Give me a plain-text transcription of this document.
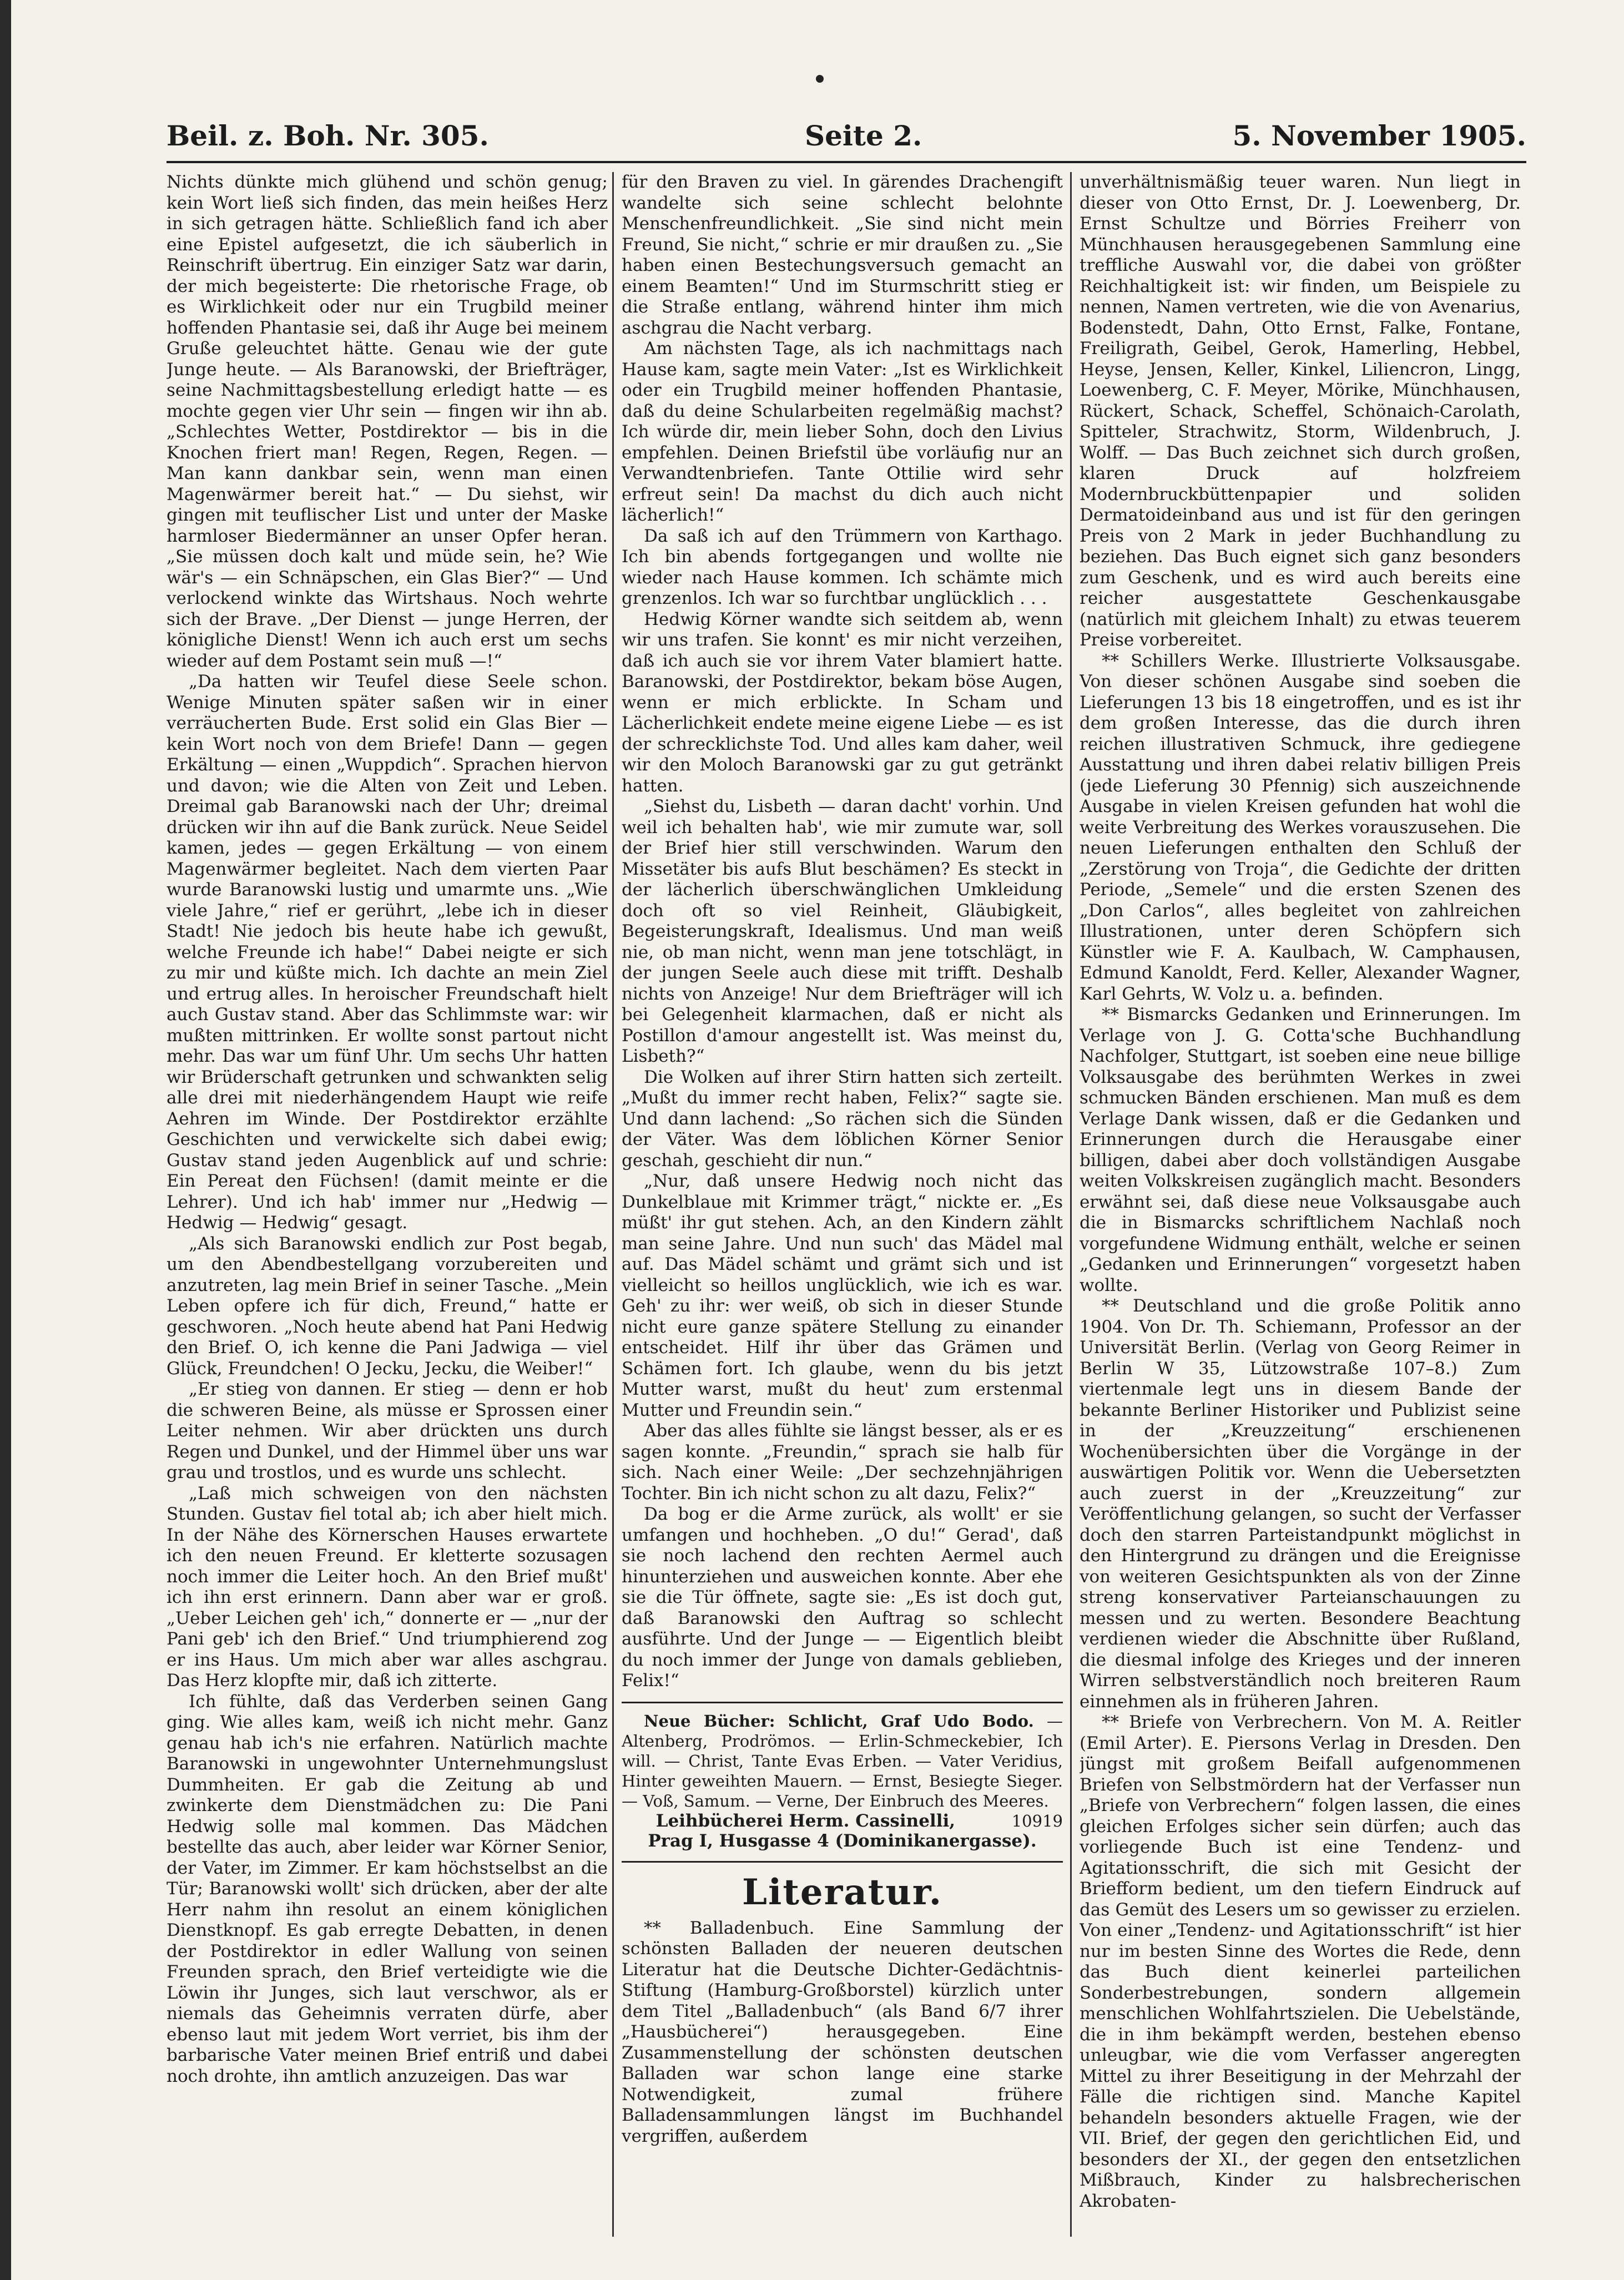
Beil. z. Boh. Nr. 305.	Seite 2.	5. November 1905.

Nichts dünkte mich glühend und schön genug; kein Wort ließ sich finden, das mein heißes Herz in sich getragen hätte. Schließlich fand ich aber eine Epistel aufgesetzt, die ich säuberlich in Reinschrift übertrug. Ein einziger Satz war darin, der mich begeisterte: Die rhetorische Frage, ob es Wirklichkeit oder nur ein Trugbild meiner hoffenden Phantasie sei, daß ihr Auge bei meinem Gruße geleuchtet hätte. Genau wie der gute Junge heute. — Als Baranowski, der Briefträger, seine Nachmittagsbestellung erledigt hatte — es mochte gegen vier Uhr sein — fingen wir ihn ab. „Schlechtes Wetter, Postdirektor — bis in die Knochen friert man! Regen, Regen, Regen. — Man kann dankbar sein, wenn man einen Magenwärmer bereit hat.“ — Du siehst, wir gingen mit teuflischer List und unter der Maske harmloser Biedermänner an unser Opfer heran. „Sie müssen doch kalt und müde sein, he? Wie wär's — ein Schnäpschen, ein Glas Bier?“ — Und verlockend winkte das Wirtshaus. Noch wehrte sich der Brave. „Der Dienst — junge Herren, der königliche Dienst! Wenn ich auch erst um sechs wieder auf dem Postamt sein muß —!“

„Da hatten wir Teufel diese Seele schon. Wenige Minuten später saßen wir in einer verräucherten Bude. Erst solid ein Glas Bier — kein Wort noch von dem Briefe! Dann — gegen Erkältung — einen „Wuppdich“. Sprachen hiervon und davon; wie die Alten von Zeit und Leben. Dreimal gab Baranowski nach der Uhr; dreimal drücken wir ihn auf die Bank zurück. Neue Seidel kamen, jedes — gegen Erkältung — von einem Magenwärmer begleitet. Nach dem vierten Paar wurde Baranowski lustig und umarmte uns. „Wie viele Jahre,“ rief er gerührt, „lebe ich in dieser Stadt! Nie jedoch bis heute habe ich gewußt, welche Freunde ich habe!“ Dabei neigte er sich zu mir und küßte mich. Ich dachte an mein Ziel und ertrug alles. In heroischer Freundschaft hielt auch Gustav stand. Aber das Schlimmste war: wir mußten mittrinken. Er wollte sonst partout nicht mehr. Das war um fünf Uhr. Um sechs Uhr hatten wir Brüderschaft getrunken und schwankten selig alle drei mit niederhängendem Haupt wie reife Aehren im Winde. Der Postdirektor erzählte Geschichten und verwickelte sich dabei ewig; Gustav stand jeden Augenblick auf und schrie: Ein Pereat den Füchsen! (damit meinte er die Lehrer). Und ich hab' immer nur „Hedwig — Hedwig — Hedwig“ gesagt.

„Als sich Baranowski endlich zur Post begab, um den Abendbestellgang vorzubereiten und anzutreten, lag mein Brief in seiner Tasche. „Mein Leben opfere ich für dich, Freund,“ hatte er geschworen. „Noch heute abend hat Pani Hedwig den Brief. O, ich kenne die Pani Jadwiga — viel Glück, Freundchen! O Jecku, Jecku, die Weiber!“

„Er stieg von dannen. Er stieg — denn er hob die schweren Beine, als müsse er Sprossen einer Leiter nehmen. Wir aber drückten uns durch Regen und Dunkel, und der Himmel über uns war grau und trostlos, und es wurde uns schlecht.

„Laß mich schweigen von den nächsten Stunden. Gustav fiel total ab; ich aber hielt mich. In der Nähe des Körnerschen Hauses erwartete ich den neuen Freund. Er kletterte sozusagen noch immer die Leiter hoch. An den Brief mußt' ich ihn erst erinnern. Dann aber war er groß. „Ueber Leichen geh' ich,“ donnerte er — „nur der Pani geb' ich den Brief.“ Und triumphierend zog er ins Haus. Um mich aber war alles aschgrau. Das Herz klopfte mir, daß ich zitterte.

Ich fühlte, daß das Verderben seinen Gang ging. Wie alles kam, weiß ich nicht mehr. Ganz genau hab ich's nie erfahren. Natürlich machte Baranowski in ungewohnter Unternehmungslust Dummheiten. Er gab die Zeitung ab und zwinkerte dem Dienstmädchen zu: Die Pani Hedwig solle mal kommen. Das Mädchen bestellte das auch, aber leider war Körner Senior, der Vater, im Zimmer. Er kam höchstselbst an die Tür; Baranowski wollt' sich drücken, aber der alte Herr nahm ihn resolut an einem königlichen Dienstknopf. Es gab erregte Debatten, in denen der Postdirektor in edler Wallung von seinen Freunden sprach, den Brief verteidigte wie die Löwin ihr Junges, sich laut verschwor, als er niemals das Geheimnis verraten dürfe, aber ebenso laut mit jedem Wort verriet, bis ihm der barbarische Vater meinen Brief entriß und dabei noch drohte, ihn amtlich anzuzeigen. Das war

für den Braven zu viel. In gärendes Drachengift wandelte sich seine schlecht belohnte Menschenfreundlichkeit. „Sie sind nicht mein Freund, Sie nicht,“ schrie er mir draußen zu. „Sie haben einen Bestechungsversuch gemacht an einem Beamten!“ Und im Sturmschritt stieg er die Straße entlang, während hinter ihm mich aschgrau die Nacht verbarg.

Am nächsten Tage, als ich nachmittags nach Hause kam, sagte mein Vater: „Ist es Wirklichkeit oder ein Trugbild meiner hoffenden Phantasie, daß du deine Schularbeiten regelmäßig machst? Ich würde dir, mein lieber Sohn, doch den Livius empfehlen. Deinen Briefstil übe vorläufig nur an Verwandtenbriefen. Tante Ottilie wird sehr erfreut sein! Da machst du dich auch nicht lächerlich!“

Da saß ich auf den Trümmern von Karthago. Ich bin abends fortgegangen und wollte nie wieder nach Hause kommen. Ich schämte mich grenzenlos. Ich war so furchtbar unglücklich . . .

Hedwig Körner wandte sich seitdem ab, wenn wir uns trafen. Sie konnt' es mir nicht verzeihen, daß ich auch sie vor ihrem Vater blamiert hatte. Baranowski, der Postdirektor, bekam böse Augen, wenn er mich erblickte. In Scham und Lächerlichkeit endete meine eigene Liebe — es ist der schrecklichste Tod. Und alles kam daher, weil wir den Moloch Baranowski gar zu gut getränkt hatten.

„Siehst du, Lisbeth — daran dacht' vorhin. Und weil ich behalten hab', wie mir zumute war, soll der Brief hier still verschwinden. Warum den Missetäter bis aufs Blut beschämen? Es steckt in der lächerlich überschwänglichen Umkleidung doch oft so viel Reinheit, Gläubigkeit, Begeisterungskraft, Idealismus. Und man weiß nie, ob man nicht, wenn man jene totschlägt, in der jungen Seele auch diese mit trifft. Deshalb nichts von Anzeige! Nur dem Briefträger will ich bei Gelegenheit klarmachen, daß er nicht als Postillon d'amour angestellt ist. Was meinst du, Lisbeth?“

Die Wolken auf ihrer Stirn hatten sich zerteilt. „Mußt du immer recht haben, Felix?“ sagte sie. Und dann lachend: „So rächen sich die Sünden der Väter. Was dem löblichen Körner Senior geschah, geschieht dir nun.“

„Nur, daß unsere Hedwig noch nicht das Dunkelblaue mit Krimmer trägt,“ nickte er. „Es müßt' ihr gut stehen. Ach, an den Kindern zählt man seine Jahre. Und nun such' das Mädel mal auf. Das Mädel schämt und grämt sich und ist vielleicht so heillos unglücklich, wie ich es war. Geh' zu ihr: wer weiß, ob sich in dieser Stunde nicht eure ganze spätere Stellung zu einander entscheidet. Hilf ihr über das Grämen und Schämen fort. Ich glaube, wenn du bis jetzt Mutter warst, mußt du heut' zum erstenmal Mutter und Freundin sein.“

Aber das alles fühlte sie längst besser, als er es sagen konnte. „Freundin,“ sprach sie halb für sich. Nach einer Weile: „Der sechzehnjährigen Tochter. Bin ich nicht schon zu alt dazu, Felix?“

Da bog er die Arme zurück, als wollt' er sie umfangen und hochheben. „O du!“ Gerad', daß sie noch lachend den rechten Aermel auch hinunterziehen und ausweichen konnte. Aber ehe sie die Tür öffnete, sagte sie: „Es ist doch gut, daß Baranowski den Auftrag so schlecht ausführte. Und der Junge — — Eigentlich bleibt du noch immer der Junge von damals geblieben, Felix!“

Neue Bücher: Schlicht, Graf Udo Bodo. — Altenberg, Prodrömos. — Erlin-Schmeckebier, Ich will. — Christ, Tante Evas Erben. — Vater Veridius, Hinter geweihten Mauern. — Ernst, Besiegte Sieger. — Voß, Samum. — Verne, Der Einbruch des Meeres.
10919

Leihbücherei Herm. Cassinelli,
Prag I, Husgasse 4 (Dominikanergasse).
Literatur.

** Balladenbuch. Eine Sammlung der schönsten Balladen der neueren deutschen Literatur hat die Deutsche Dichter-Gedächtnis-Stiftung (Hamburg-Großborstel) kürzlich unter dem Titel „Balladenbuch“ (als Band 6/7 ihrer „Hausbücherei“) herausgegeben. Eine Zusammenstellung der schönsten deutschen Balladen war schon lange eine starke Notwendigkeit, zumal frühere Balladensammlungen längst im Buchhandel vergriffen, außerdem

unverhältnismäßig teuer waren. Nun liegt in dieser von Otto Ernst, Dr. J. Loewenberg, Dr. Ernst Schultze und Börries Freiherr von Münchhausen herausgegebenen Sammlung eine treffliche Auswahl vor, die dabei von größter Reichhaltigkeit ist: wir finden, um Beispiele zu nennen, Namen vertreten, wie die von Avenarius, Bodenstedt, Dahn, Otto Ernst, Falke, Fontane, Freiligrath, Geibel, Gerok, Hamerling, Hebbel, Heyse, Jensen, Keller, Kinkel, Liliencron, Lingg, Loewenberg, C. F. Meyer, Mörike, Münchhausen, Rückert, Schack, Scheffel, Schönaich-Carolath, Spitteler, Strachwitz, Storm, Wildenbruch, J. Wolff. — Das Buch zeichnet sich durch großen, klaren Druck auf holzfreiem Modernbruckbüttenpapier und soliden Dermatoideinband aus und ist für den geringen Preis von 2 Mark in jeder Buchhandlung zu beziehen. Das Buch eignet sich ganz besonders zum Geschenk, und es wird auch bereits eine reicher ausgestattete Geschenkausgabe (natürlich mit gleichem Inhalt) zu etwas teuerem Preise vorbereitet.

** Schillers Werke. Illustrierte Volksausgabe. Von dieser schönen Ausgabe sind soeben die Lieferungen 13 bis 18 eingetroffen, und es ist ihr dem großen Interesse, das die durch ihren reichen illustrativen Schmuck, ihre gediegene Ausstattung und ihren dabei relativ billigen Preis (jede Lieferung 30 Pfennig) sich auszeichnende Ausgabe in vielen Kreisen gefunden hat wohl die weite Verbreitung des Werkes vorauszusehen. Die neuen Lieferungen enthalten den Schluß der „Zerstörung von Troja“, die Gedichte der dritten Periode, „Semele“ und die ersten Szenen des „Don Carlos“, alles begleitet von zahlreichen Illustrationen, unter deren Schöpfern sich Künstler wie F. A. Kaulbach, W. Camphausen, Edmund Kanoldt, Ferd. Keller, Alexander Wagner, Karl Gehrts, W. Volz u. a. befinden.

** Bismarcks Gedanken und Erinnerungen. Im Verlage von J. G. Cotta'sche Buchhandlung Nachfolger, Stuttgart, ist soeben eine neue billige Volksausgabe des berühmten Werkes in zwei schmucken Bänden erschienen. Man muß es dem Verlage Dank wissen, daß er die Gedanken und Erinnerungen durch die Herausgabe einer billigen, dabei aber doch vollständigen Ausgabe weiten Volkskreisen zugänglich macht. Besonders erwähnt sei, daß diese neue Volksausgabe auch die in Bismarcks schriftlichem Nachlaß noch vorgefundene Widmung enthält, welche er seinen „Gedanken und Erinnerungen“ vorgesetzt haben wollte.

** Deutschland und die große Politik anno 1904. Von Dr. Th. Schiemann, Professor an der Universität Berlin. (Verlag von Georg Reimer in Berlin W 35, Lützowstraße 107–8.) Zum viertenmale legt uns in diesem Bande der bekannte Berliner Historiker und Publizist seine in der „Kreuzzeitung“ erschienenen Wochenübersichten über die Vorgänge in der auswärtigen Politik vor. Wenn die Uebersetzten auch zuerst in der „Kreuzzeitung“ zur Veröffentlichung gelangen, so sucht der Verfasser doch den starren Parteistandpunkt möglichst in den Hintergrund zu drängen und die Ereignisse von weiteren Gesichtspunkten als von der Zinne streng konservativer Parteianschauungen zu messen und zu werten. Besondere Beachtung verdienen wieder die Abschnitte über Rußland, die diesmal infolge des Krieges und der inneren Wirren selbstverständlich noch breiteren Raum einnehmen als in früheren Jahren.

** Briefe von Verbrechern. Von M. A. Reitler (Emil Arter). E. Piersons Verlag in Dresden. Den jüngst mit großem Beifall aufgenommenen Briefen von Selbstmördern hat der Verfasser nun „Briefe von Verbrechern“ folgen lassen, die eines gleichen Erfolges sicher sein dürfen; auch das vorliegende Buch ist eine Tendenz- und Agitationsschrift, die sich mit Gesicht der Briefform bedient, um den tiefern Eindruck auf das Gemüt des Lesers um so gewisser zu erzielen. Von einer „Tendenz- und Agitationsschrift“ ist hier nur im besten Sinne des Wortes die Rede, denn das Buch dient keinerlei parteilichen Sonderbestrebungen, sondern allgemein menschlichen Wohlfahrtszielen. Die Uebelstände, die in ihm bekämpft werden, bestehen ebenso unleugbar, wie die vom Verfasser angeregten Mittel zu ihrer Beseitigung in der Mehrzahl der Fälle die richtigen sind. Manche Kapitel behandeln besonders aktuelle Fragen, wie der VII. Brief, der gegen den gerichtlichen Eid, und besonders der XI., der gegen den entsetzlichen Mißbrauch, Kinder zu halsbrecherischen Akrobaten-
